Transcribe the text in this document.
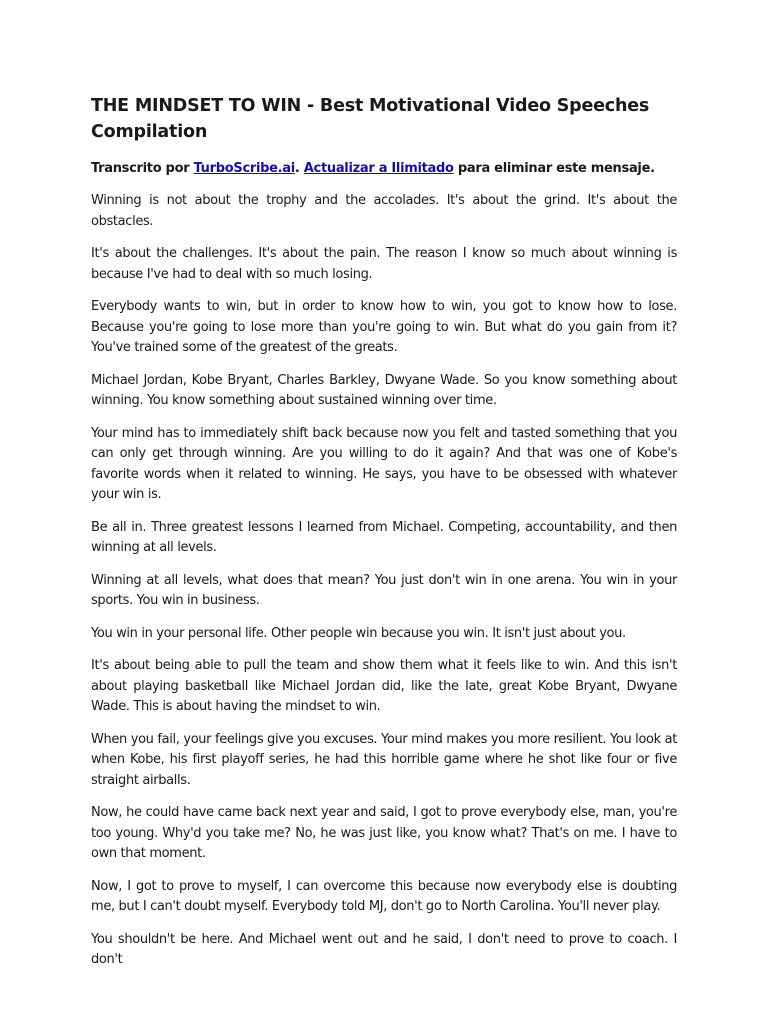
THE MINDSET TO WIN - Best Motivational Video Speeches Compilation

Transcrito por TurboScribe.ai. Actualizar a Ilimitado para eliminar este mensaje.

Winning is not about the trophy and the accolades. It's about the grind. It's about the obstacles.

It's about the challenges. It's about the pain. The reason I know so much about winning is because I've had to deal with so much losing.

Everybody wants to win, but in order to know how to win, you got to know how to lose. Because you're going to lose more than you're going to win. But what do you gain from it? You've trained some of the greatest of the greats.

Michael Jordan, Kobe Bryant, Charles Barkley, Dwyane Wade. So you know something about winning. You know something about sustained winning over time.

Your mind has to immediately shift back because now you felt and tasted something that you can only get through winning. Are you willing to do it again? And that was one of Kobe's favorite words when it related to winning. He says, you have to be obsessed with whatever your win is.

Be all in. Three greatest lessons I learned from Michael. Competing, accountability, and then winning at all levels.

Winning at all levels, what does that mean? You just don't win in one arena. You win in your sports. You win in business.

You win in your personal life. Other people win because you win. It isn't just about you.

It's about being able to pull the team and show them what it feels like to win. And this isn't about playing basketball like Michael Jordan did, like the late, great Kobe Bryant, Dwyane Wade. This is about having the mindset to win.

When you fail, your feelings give you excuses. Your mind makes you more resilient. You look at when Kobe, his first playoff series, he had this horrible game where he shot like four or five straight airballs.

Now, he could have came back next year and said, I got to prove everybody else, man, you're too young. Why'd you take me? No, he was just like, you know what? That's on me. I have to own that moment.

Now, I got to prove to myself, I can overcome this because now everybody else is doubting me, but I can't doubt myself. Everybody told MJ, don't go to North Carolina. You'll never play.

You shouldn't be here. And Michael went out and he said, I don't need to prove to coach. I don't
